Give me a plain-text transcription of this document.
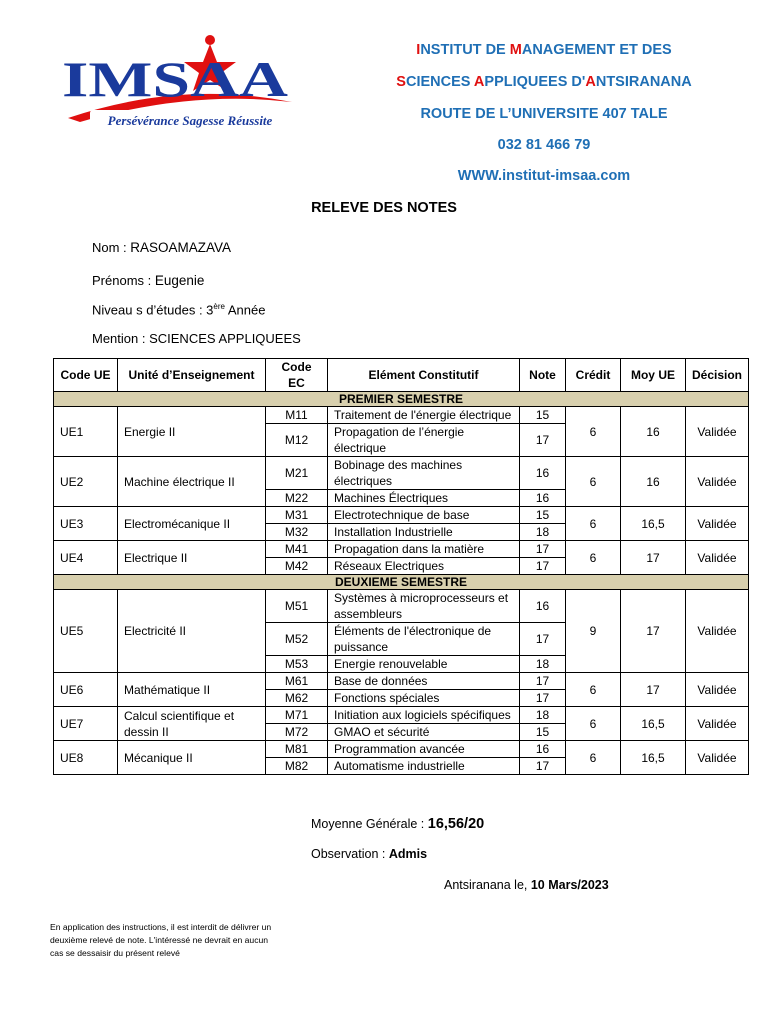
IMSAA
Persévérance Sagesse Réussite
INSTITUT DE MANAGEMENT ET DES
SCIENCES APPLIQUEES D'ANTSIRANANA
ROUTE DE L’UNIVERSITE 407 TALE
032 81 466 79
WWW.institut-imsaa.com
RELEVE DES NOTES
Nom : RASOAMAZAVA
Prénoms : Eugenie
Niveau s d’études : 3ère Année
Mention : SCIENCES APPLIQUEES
Code UE	Unité d’Enseignement	Code EC	Elément Constitutif	Note	Crédit	Moy UE	Décision
PREMIER SEMESTRE							
UE1	Energie II	M11	Traitement de l'énergie électrique	15	6	16	Validée
		M12	Propagation de l’énergie électrique	17			
UE2	Machine électrique II	M21	Bobinage des machines électriques	16	6	16	Validée
		M22	Machines Électriques	16			
UE3	Electromécanique II	M31	Electrotechnique de base	15	6	16,5	Validée
		M32	Installation Industrielle	18			
UE4	Electrique II	M41	Propagation dans la matière	17	6	17	Validée
		M42	Réseaux Electriques	17			
DEUXIEME SEMESTRE							
UE5	Electricité II	M51	Systèmes à microprocesseurs et assembleurs	16	9	17	Validée
		M52	Éléments de l'électronique de puissance	17			
		M53	Energie renouvelable	18			
UE6	Mathématique II	M61	Base de données	17	6	17	Validée
		M62	Fonctions spéciales	17			
UE7	Calcul scientifique et dessin II	M71	Initiation aux logiciels spécifiques	18	6	16,5	Validée
		M72	GMAO et sécurité	15			
UE8	Mécanique II	M81	Programmation avancée	16	6	16,5	Validée
		M82	Automatisme industrielle	17			
Moyenne Générale : 16,56/20
Observation : Admis
Antsiranana le, 10 Mars/2023
En application des instructions, il est interdit de délivrer un deuxième relevé de note. L'intéressé ne devrait en aucun cas se dessaisir du présent relevé
